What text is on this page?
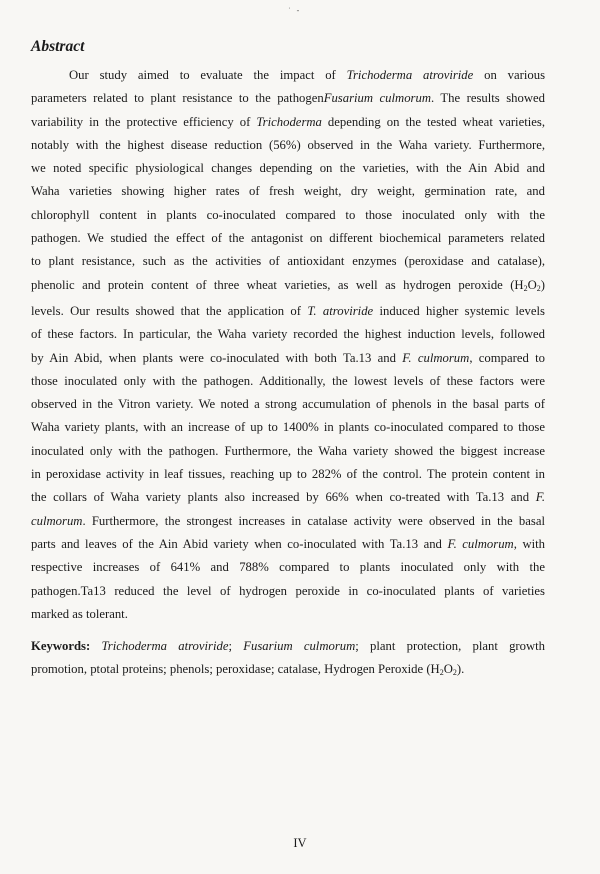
˙ -
Abstract
Our study aimed to evaluate the impact of Trichoderma atroviride on various
parameters related to plant resistance to the pathogenFusarium culmorum. The results showed
variability in the protective efficiency of Trichoderma depending on the tested wheat varieties,
notably with the highest disease reduction (56%) observed in the Waha variety. Furthermore,
we noted specific physiological changes depending on the varieties, with the Ain Abid and
Waha varieties showing higher rates of fresh weight, dry weight, germination rate, and
chlorophyll content in plants co-inoculated compared to those inoculated only with the
pathogen. We studied the effect of the antagonist on different biochemical parameters related
to plant resistance, such as the activities of antioxidant enzymes (peroxidase and catalase),
phenolic and protein content of three wheat varieties, as well as hydrogen peroxide $(H_2O_2)$
levels. Our results showed that the application of T. atroviride induced higher systemic levels
of these factors. In particular, the Waha variety recorded the highest induction levels, followed
by Ain Abid, when plants were co-inoculated with both Ta.13 and F. culmorum, compared to
those inoculated only with the pathogen. Additionally, the lowest levels of these factors were
observed in the Vitron variety. We noted a strong accumulation of phenols in the basal parts of
Waha variety plants, with an increase of up to 1400% in plants co-inoculated compared to those
inoculated only with the pathogen. Furthermore, the Waha variety showed the biggest increase
in peroxidase activity in leaf tissues, reaching up to 282% of the control. The protein content in
the collars of Waha variety plants also increased by 66% when co-treated with Ta.13 and F.
culmorum. Furthermore, the strongest increases in catalase activity were observed in the basal
parts and leaves of the Ain Abid variety when co-inoculated with Ta.13 and F. culmorum, with
respective increases of 641% and 788% compared to plants inoculated only with the
pathogen.Ta13 reduced the level of hydrogen peroxide in co-inoculated plants of varieties
marked as tolerant.
Keywords: Trichoderma atroviride; Fusarium culmorum; plant protection, plant growth
promotion, ptotal proteins; phenols; peroxidase; catalase, Hydrogen Peroxide $(H_2O_2)$.
IV
